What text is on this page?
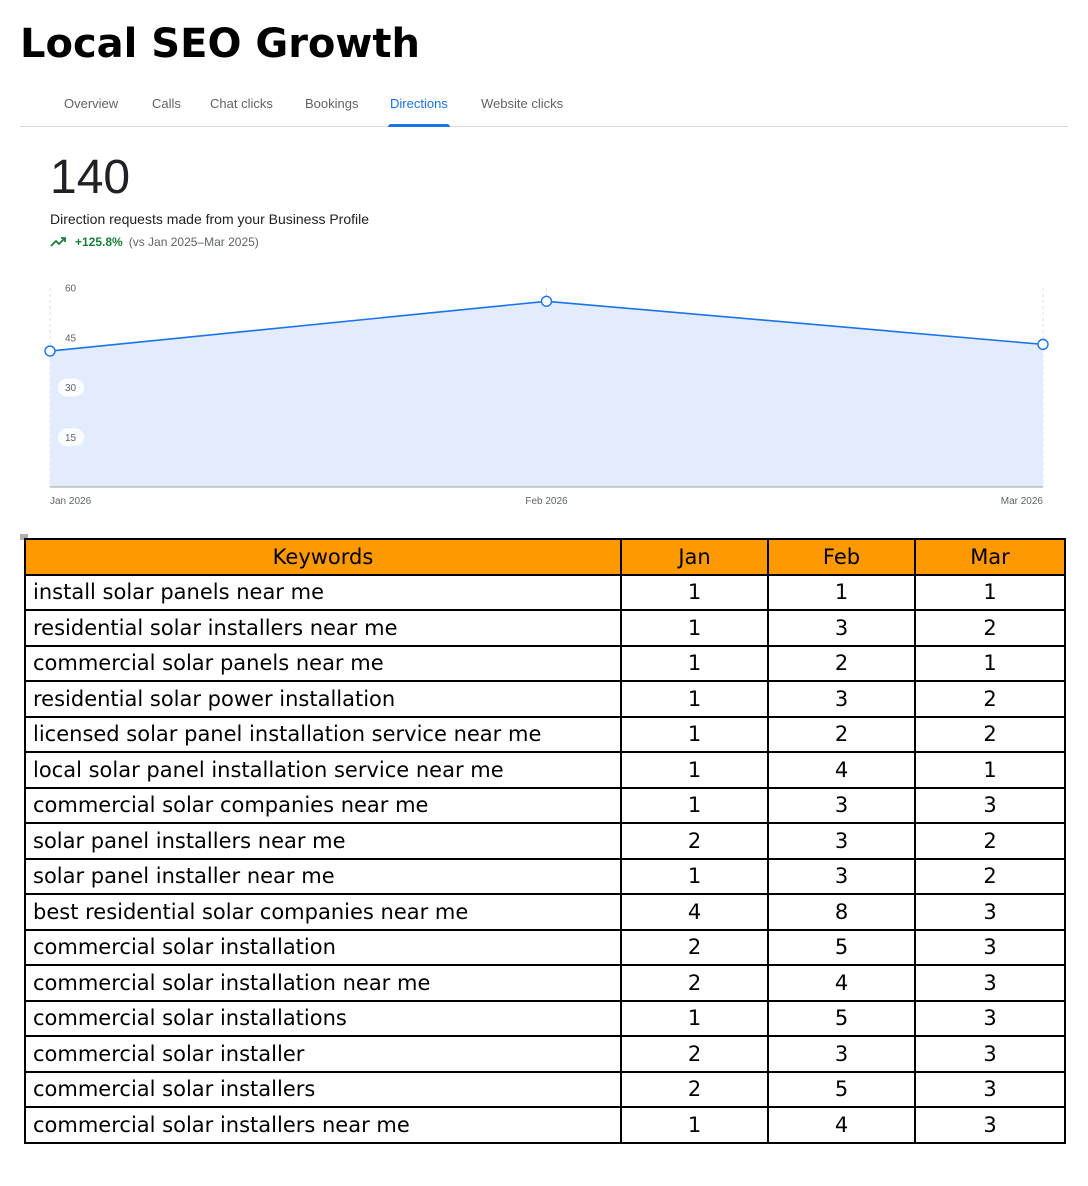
Local SEO Growth
Overview	Calls Chat clicks Bookings Directions	Website clicks
140
Direction requests made from your Business Profile
+125.8% (vs Jan 2025–Mar 2025)
15
30
45
60
Jan 2026	Feb 2026	Mar 2026
Keywords	Jan	Feb	Mar
install solar panels near me	1	1	1
residential solar installers near me	1	3	2
commercial solar panels near me	1	2	1
residential solar power installation	1	3	2
licensed solar panel installation service near me	1	2	2
local solar panel installation service near me	1	4	1
commercial solar companies near me	1	3	3
solar panel installers near me	2	3	2
solar panel installer near me	1	3	2
best residential solar companies near me	4	8	3
commercial solar installation	2	5	3
commercial solar installation near me	2	4	3
commercial solar installations	1	5	3
commercial solar installer	2	3	3
commercial solar installers	2	5	3
commercial solar installers near me	1	4	3
